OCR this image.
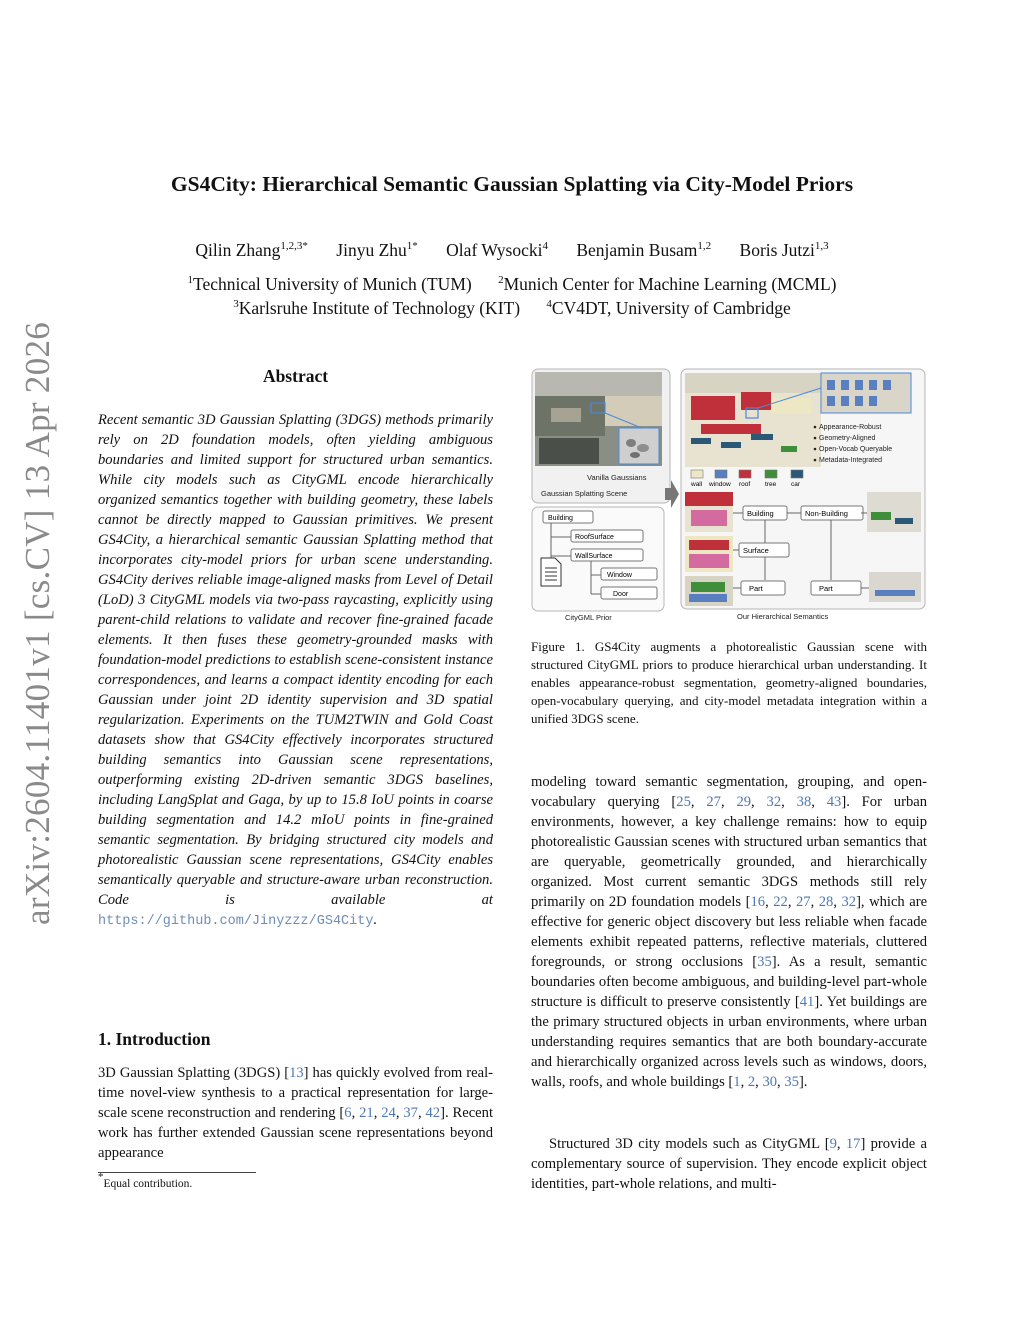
arXiv:2604.11401v1 [cs.CV] 13 Apr 2026
GS4City: Hierarchical Semantic Gaussian Splatting via City-Model Priors
Qilin Zhang$^{1,2,3*}$ Jinyu Zhu$^{1*}$ Olaf Wysocki$^4$ Benjamin Busam$^{1,2}$ Boris Jutzi$^{1,3}$
$^1$Technical University of Munich (TUM) $^2$Munich Center for Machine Learning (MCML)
$^3$Karlsruhe Institute of Technology (KIT) $^4$CV4DT, University of Cambridge
Abstract
Recent semantic 3D Gaussian Splatting (3DGS) methods primarily rely on 2D foundation models, often yielding ambiguous boundaries and limited support for structured urban semantics. While city models such as CityGML encode hierarchically organized semantics together with building geometry, these labels cannot be directly mapped to Gaussian primitives. We present GS4City, a hierarchical semantic Gaussian Splatting method that incorporates city-model priors for urban scene understanding. GS4City derives reliable image-aligned masks from Level of Detail (LoD) 3 CityGML models via two-pass raycasting, explicitly using parent-child relations to validate and recover fine-grained facade elements. It then fuses these geometry-grounded masks with foundation-model predictions to establish scene-consistent instance correspondences, and learns a compact identity encoding for each Gaussian under joint 2D identity supervision and 3D spatial regularization. Experiments on the TUM2TWIN and Gold Coast datasets show that GS4City effectively incorporates structured building semantics into Gaussian scene representations, outperforming existing 2D-driven semantic 3DGS baselines, including LangSplat and Gaga, by up to 15.8 IoU points in coarse building segmentation and 14.2 mIoU points in fine-grained semantic segmentation. By bridging structured city models and photorealistic Gaussian scene representations, GS4City enables semantically queryable and structure-aware urban reconstruction. Code is available at https://github.com/Jinyzzz/GS4City.
1. Introduction
3D Gaussian Splatting (3DGS) [13] has quickly evolved from real-time novel-view synthesis to a practical representation for large-scale scene reconstruction and rendering [6, 21, 24, 37, 42]. Recent work has further extended Gaussian scene representations beyond appearance
*Equal contribution.
Vanilla Gaussians
Gaussian Splatting Scene
Building
RoofSurface
WallSurface
Window
Door
CityGML Prior
Appearance-Robust
Geometry-Aligned
Open-Vocab Queryable
Metadata-Integrated
wall window roof tree car
Building	Non-Building
Surface
Part	Part
Our Hierarchical Semantics
Figure 1. GS4City augments a photorealistic Gaussian scene with structured CityGML priors to produce hierarchical urban understanding. It enables appearance-robust segmentation, geometry-aligned boundaries, open-vocabulary querying, and city-model metadata integration within a unified 3DGS scene.
modeling toward semantic segmentation, grouping, and open-vocabulary querying [25, 27, 29, 32, 38, 43]. For urban environments, however, a key challenge remains: how to equip photorealistic Gaussian scenes with structured urban semantics that are queryable, geometrically grounded, and hierarchically organized. Most current semantic 3DGS methods still rely primarily on 2D foundation models [16, 22, 27, 28, 32], which are effective for generic object discovery but less reliable when facade elements exhibit repeated patterns, reflective materials, cluttered foregrounds, or strong occlusions [35]. As a result, semantic boundaries often become ambiguous, and building-level part-whole structure is difficult to preserve consistently [41]. Yet buildings are the primary structured objects in urban environments, where urban understanding requires semantics that are both boundary-accurate and hierarchically organized across levels such as windows, doors, walls, roofs, and whole buildings [1, 2, 30, 35].
Structured 3D city models such as CityGML [9, 17] provide a complementary source of supervision. They encode explicit object identities, part-whole relations, and multi-
